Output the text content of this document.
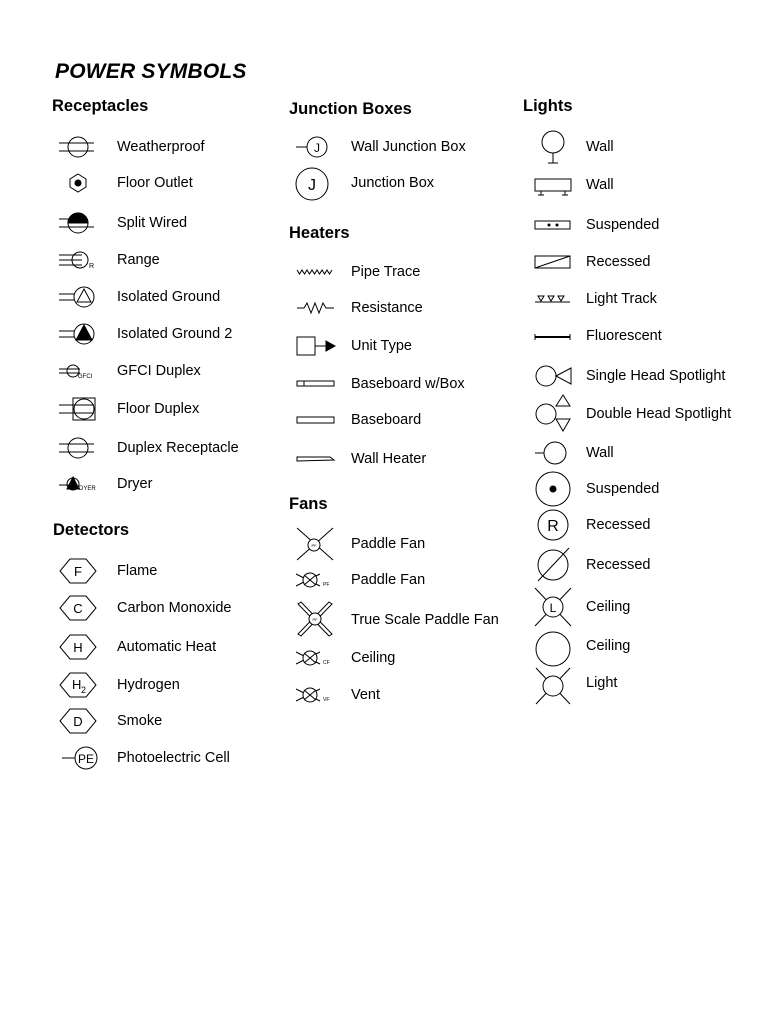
POWER SYMBOLS
Receptacles
Weatherproof
Floor Outlet
Split Wired
R Range
Isolated Ground
Isolated Ground 2
GFCI GFCI Duplex
Floor Duplex
Duplex Receptacle
DYER Dryer
Detectors
F Flame
C Carbon Monoxide
H Automatic Heat
H 2 Hydrogen
D Smoke
PE Photoelectric Cell
Junction Boxes
J Wall Junction Box
J Junction Box
Heaters
Pipe Trace
Resistance
Unit Type
Baseboard w/Box
Baseboard
Wall Heater
Fans
PF Paddle Fan
PF Paddle Fan
PF True Scale Paddle Fan
CF Ceiling
VF Vent
Lights
Wall
Wall
Suspended
Recessed
Light Track
Fluorescent
Single Head Spotlight
Double Head Spotlight
Wall
Suspended
R Recessed
Recessed
L Ceiling
Ceiling
Light
